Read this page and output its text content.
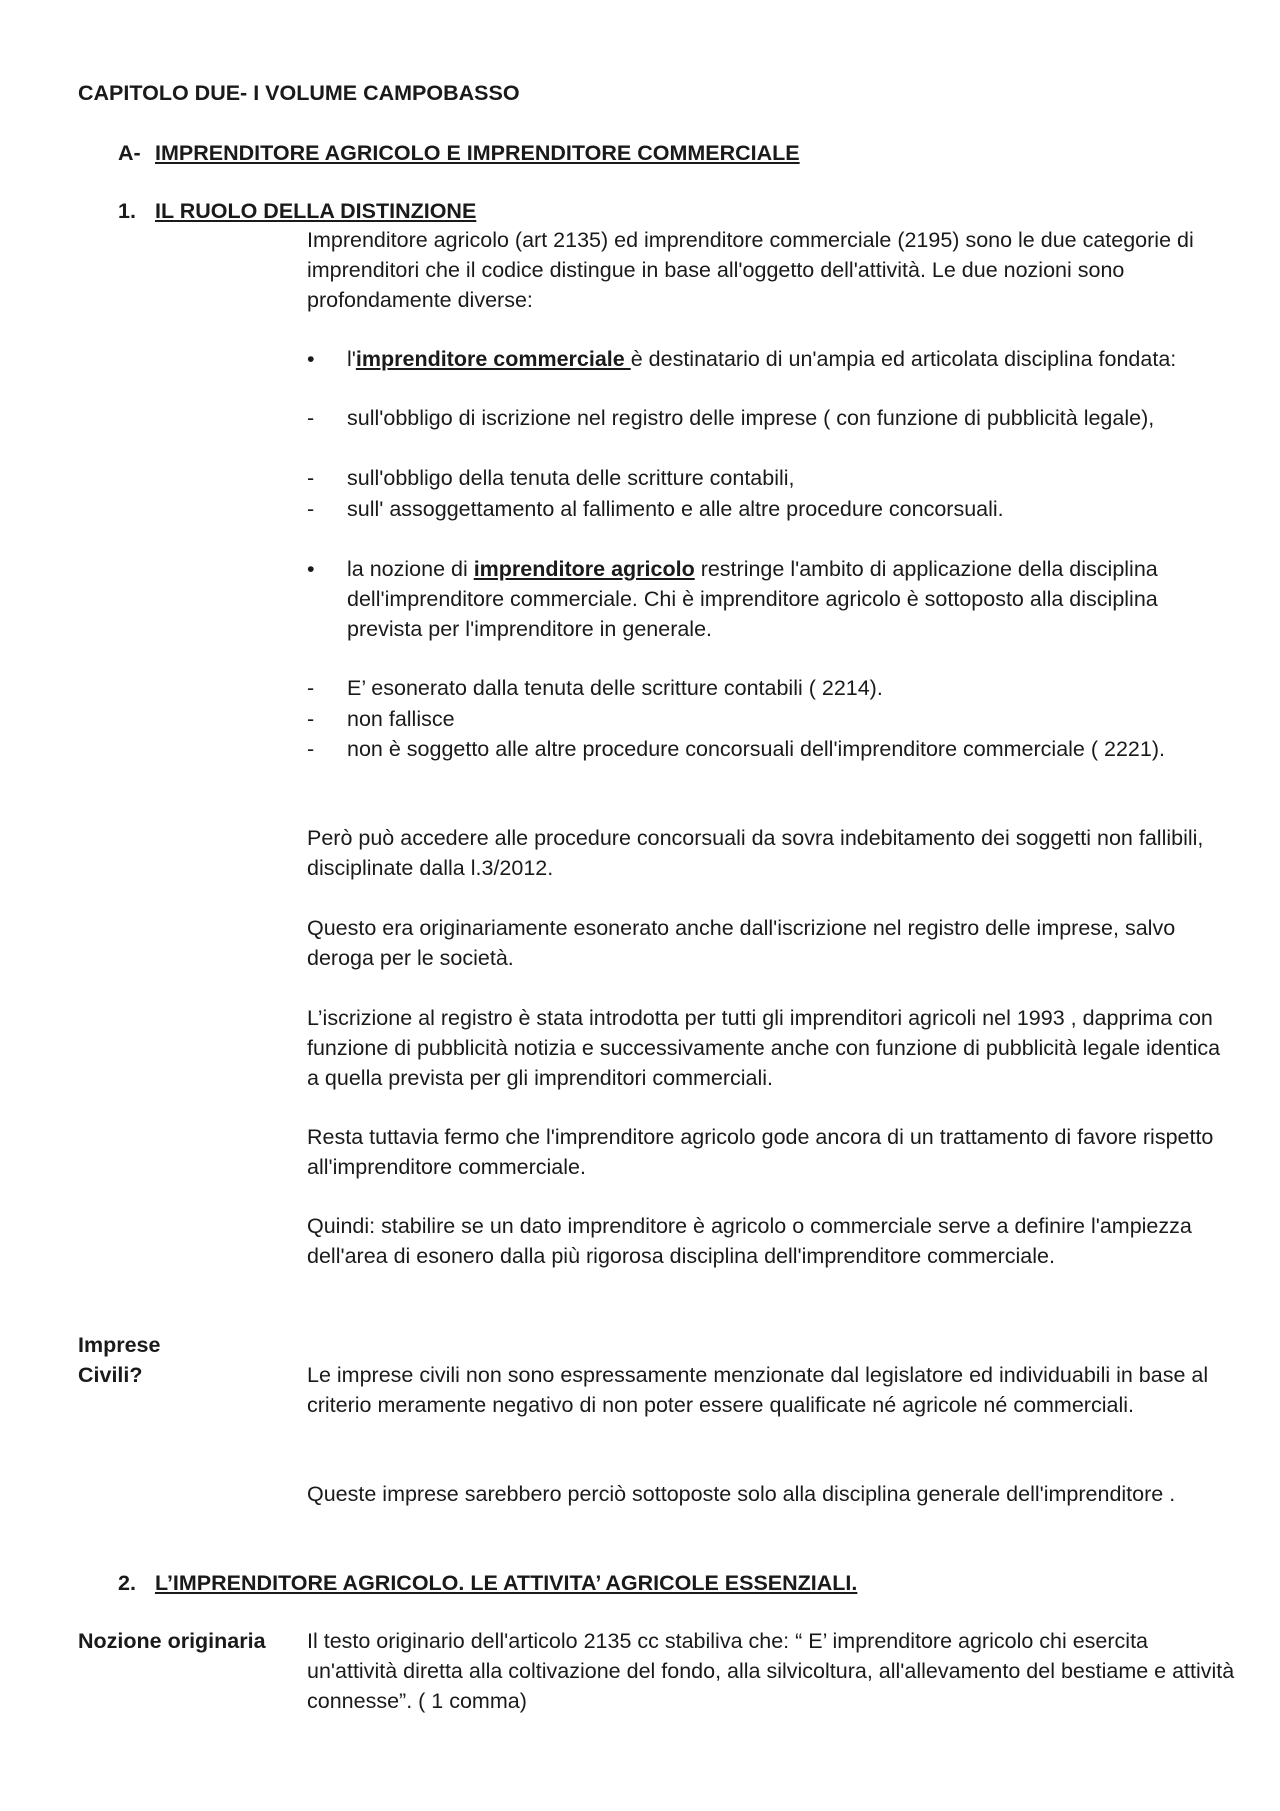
CAPITOLO DUE- I VOLUME CAMPOBASSO
A- IMPRENDITORE AGRICOLO E IMPRENDITORE COMMERCIALE
1. IL RUOLO DELLA DISTINZIONE

Imprenditore agricolo (art 2135) ed imprenditore commerciale (2195) sono le due categorie di imprenditori che il codice distingue in base all'oggetto dell'attività. Le due nozioni sono profondamente diverse:

•	l'imprenditore commerciale è destinatario di un'ampia ed articolata disciplina fondata:
-	sull'obbligo di iscrizione nel registro delle imprese ( con funzione di pubblicità legale),
-	sull'obbligo della tenuta delle scritture contabili,
-	sull' assoggettamento al fallimento e alle altre procedure concorsuali.
•	la nozione di imprenditore agricolo restringe l'ambito di applicazione della disciplina dell'imprenditore commerciale. Chi è imprenditore agricolo è sottoposto alla disciplina prevista per l'imprenditore in generale.
-	E’ esonerato dalla tenuta delle scritture contabili ( 2214).
-	non fallisce
-	non è soggetto alle altre procedure concorsuali dell'imprenditore commerciale ( 2221).

Però può accedere alle procedure concorsuali da sovra indebitamento dei soggetti non fallibili, disciplinate dalla l.3/2012.

Questo era originariamente esonerato anche dall'iscrizione nel registro delle imprese, salvo deroga per le società.

L’iscrizione al registro è stata introdotta per tutti gli imprenditori agricoli nel 1993 , dapprima con funzione di pubblicità notizia e successivamente anche con funzione di pubblicità legale identica a quella prevista per gli imprenditori commerciali.

Resta tuttavia fermo che l'imprenditore agricolo gode ancora di un trattamento di favore rispetto all'imprenditore commerciale.

Quindi: stabilire se un dato imprenditore è agricolo o commerciale serve a definire l'ampiezza dell'area di esonero dalla più rigorosa disciplina dell'imprenditore commerciale.

Imprese
Civili?	Le imprese civili non sono espressamente menzionate dal legislatore ed individuabili in base al criterio meramente negativo di non poter essere qualificate né agricole né commerciali.

Queste imprese sarebbero perciò sottoposte solo alla disciplina generale dell'imprenditore .

2. L’IMPRENDITORE AGRICOLO. LE ATTIVITA’ AGRICOLE ESSENZIALI.
Nozione originaria Il testo originario dell'articolo 2135 cc stabiliva che: “ E’ imprenditore agricolo chi esercita un'attività diretta alla coltivazione del fondo, alla silvicoltura, all'allevamento del bestiame e attività connesse”. ( 1 comma)
